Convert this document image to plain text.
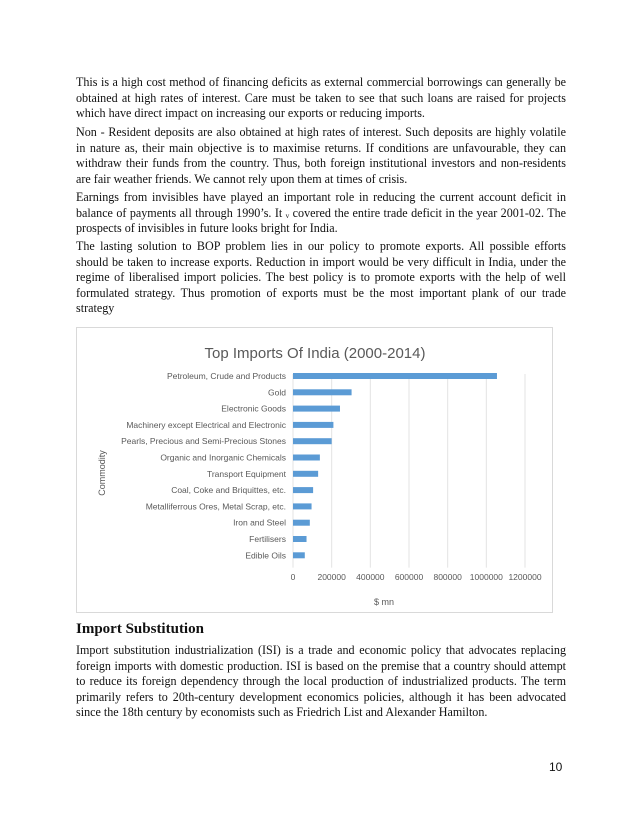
This is a high cost method of financing deficits as external commercial borrowings can generally be obtained at high rates of interest. Care must be taken to see that such loans are raised for projects which have direct impact on increasing our exports or reducing imports.

Non - Resident deposits are also obtained at high rates of interest. Such deposits are highly volatile in nature as, their main objective is to maximise returns. If conditions are unfavourable, they can withdraw their funds from the country. Thus, both foreign institutional investors and non-residents are fair weather friends. We cannot rely upon them at times of crisis.

Earnings from invisibles have played an important role in reducing the current account deficit in balance of payments all through 1990’s. It ᵥ covered the entire trade deficit in the year 2001-02. The prospects of invisibles in future looks bright for India.

The lasting solution to BOP problem lies in our policy to promote exports. All possible efforts should be taken to increase exports. Reduction in import would be very difficult in India, under the regime of liberalised import policies. The best policy is to promote exports with the help of well formulated strategy. Thus promotion of exports must be the most important plank of our trade strategy

Top Imports Of India (2000-2014)
0	200000 400000 600000 800000 1000000 1200000
Petroleum, Crude and Products
Gold
Electronic Goods
Machinery except Electrical and Electronic
Pearls, Precious and Semi-Precious Stones
Organic and Inorganic Chemicals
Transport Equipment
Coal, Coke and Briquittes, etc.
Metalliferrous Ores, Metal Scrap, etc.
Iron and Steel
Fertilisers
Edible Oils
$ mn
Commodity
Import Substitution

Import substitution industrialization (ISI) is a trade and economic policy that advocates replacing foreign imports with domestic production. ISI is based on the premise that a country should attempt to reduce its foreign dependency through the local production of industrialized products. The term primarily refers to 20th-century development economics policies, although it has been advocated since the 18th century by economists such as Friedrich List and Alexander Hamilton.

10
